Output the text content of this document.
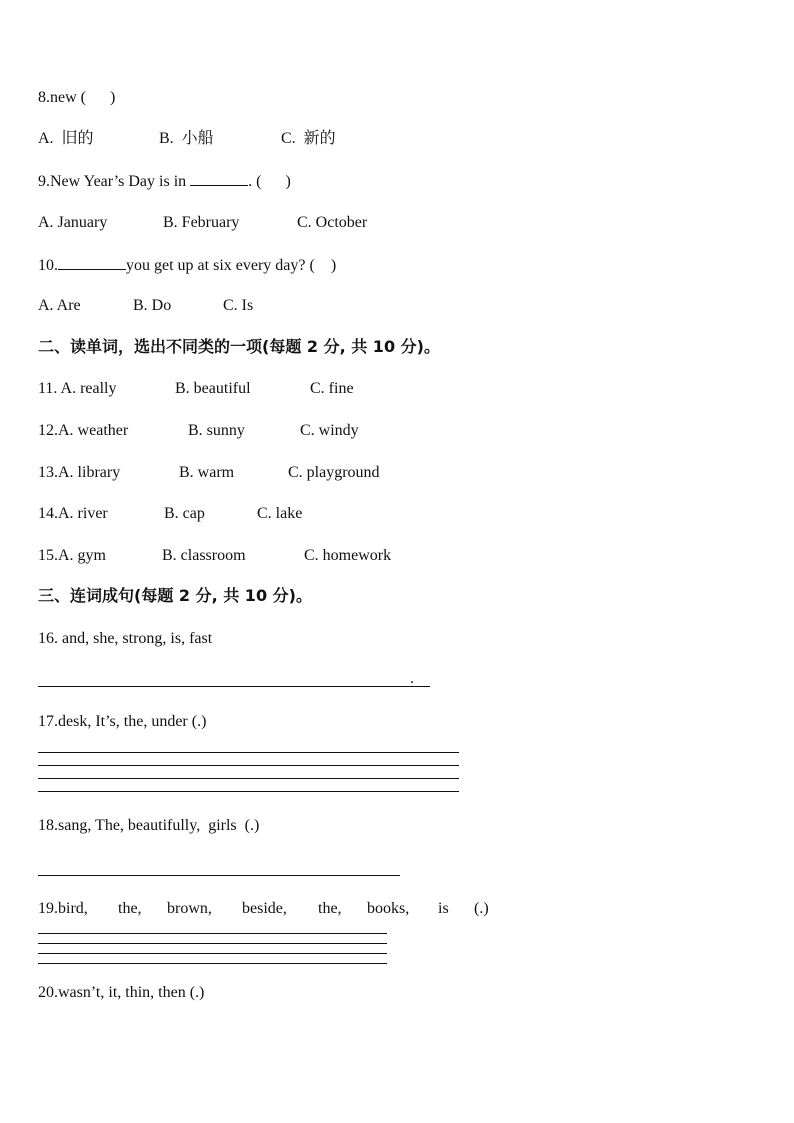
8.new (      )
A.  旧的	B.  小船	C.  新的
9.New Year’s Day is in	. (      )
A. January	B. February	C. October
10.	you get up at six every day? (    )
A. Are	B. Do	C. Is
二、读单词，选出不同类的一项(每题 2 分, 共 10 分)。
11. A. really	B. beautiful	C. fine
12.A. weather	B. sunny	C. windy
13.A. library	B. warm	C. playground
14.A. river	B. cap	C. lake
15.A. gym	B. classroom	C. homework
三、连词成句(每题 2 分, 共 10 分)。
16. and, she, strong, is, fast
.
17.desk, It’s, the, under (.)
18.sang, The, beautifully,  girls  (.)
19.bird, the, brown, beside, the, books, is (.)
20.wasn’t, it, thin, then (.)
